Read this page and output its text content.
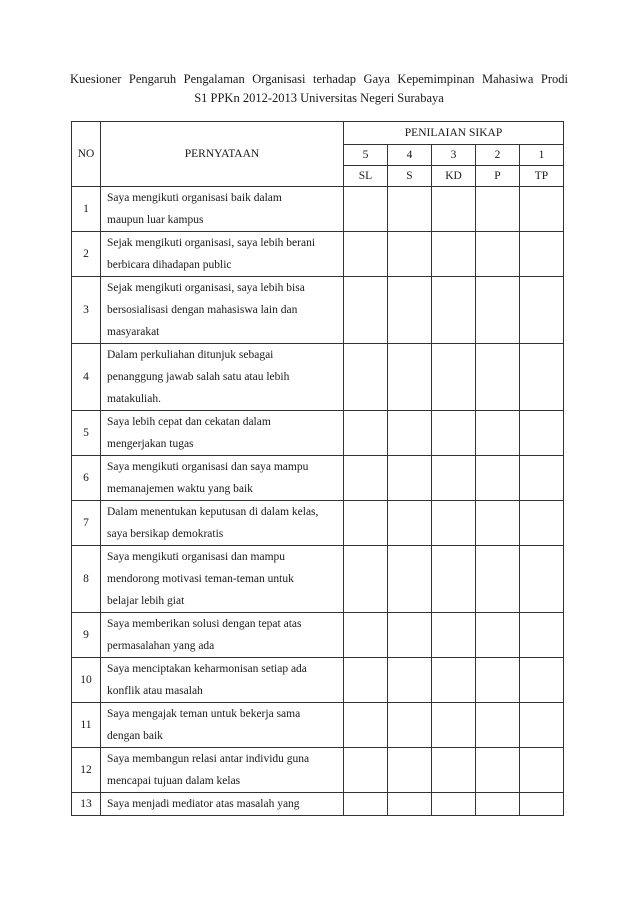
Kuesioner Pengaruh Pengalaman Organisasi terhadap Gaya Kepemimpinan Mahasiwa Prodi
S1 PPKn 2012-2013 Universitas Negeri Surabaya
NO	PERNYATAAN	PENILAIAN SIKAP				
		5	4	3	2	1
		SL	S	KD	P	TP
1	Saya mengikuti organisasi baik dalam
maupun luar kampus					

2	Sejak mengikuti organisasi, saya lebih berani
berbicara dihadapan public					

3	Sejak mengikuti organisasi, saya lebih bisa
bersosialisasi dengan mahasiswa lain dan
masyarakat					

4	Dalam perkuliahan ditunjuk sebagai
penanggung jawab salah satu atau lebih
matakuliah.					

5	Saya lebih cepat dan cekatan dalam
mengerjakan tugas					

6	Saya mengikuti organisasi dan saya mampu
memanajemen waktu yang baik					

7	Dalam menentukan keputusan di dalam kelas,
saya bersikap demokratis					

8	Saya mengikuti organisasi dan mampu
mendorong motivasi teman-teman untuk
belajar lebih giat					

9	Saya memberikan solusi dengan tepat atas
permasalahan yang ada					

10	Saya menciptakan keharmonisan setiap ada
konflik atau masalah					

11	Saya mengajak teman untuk bekerja sama
dengan baik					

12	Saya membangun relasi antar individu guna
mencapai tujuan dalam kelas					

13	Saya menjadi mediator atas masalah yang					
